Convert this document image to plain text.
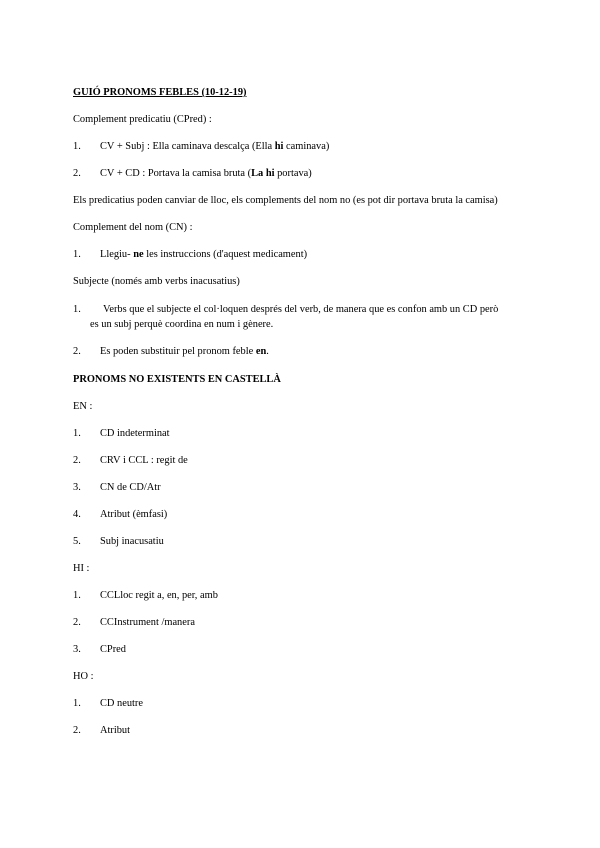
GUIÓ PRONOMS FEBLES (10-12-19)
Complement predicatiu (CPred) :
1. CV + Subj : Ella caminava descalça (Ella hi caminava)
2. CV + CD : Portava la camisa bruta (La hi portava)
Els predicatius poden canviar de lloc, els complements del nom no (es pot dir portava bruta la camisa)
Complement del nom (CN) :
1. Llegiu- ne les instruccions (d'aquest medicament)
Subjecte (només amb verbs inacusatius)
1. Verbs que el subjecte el col·loquen després del verb, de manera que es confon amb un CD però
es un subj perquè coordina en num i gènere.
2. Es poden substituir pel pronom feble en.
PRONOMS NO EXISTENTS EN CASTELLÀ
EN :
1. CD indeterminat
2. CRV i CCL : regit de
3. CN de CD/Atr
4. Atribut (èmfasi)
5. Subj inacusatiu
HI :
1. CCLloc regit a, en, per, amb
2. CCInstrument /manera
3. CPred
HO :
1. CD neutre
2. Atribut
